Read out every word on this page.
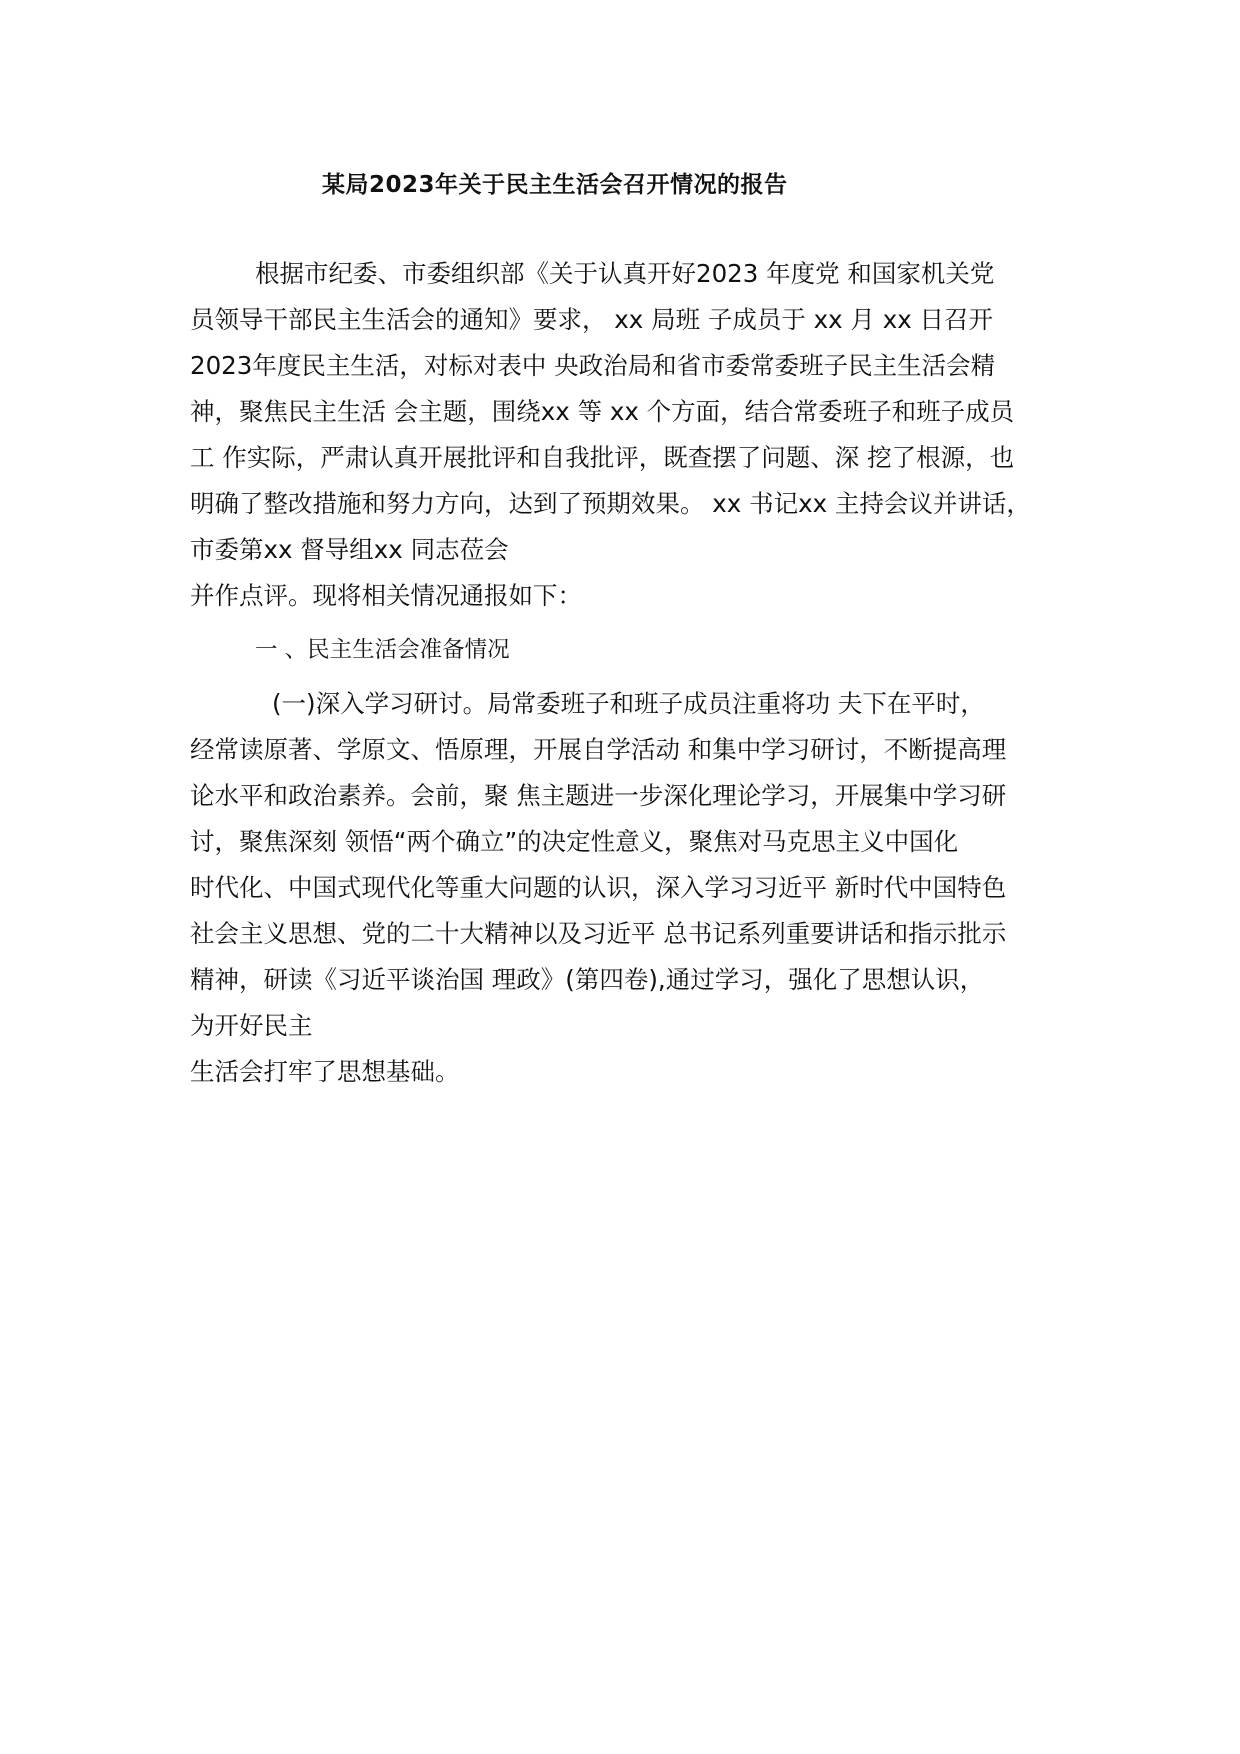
某局2023年关于民主生活会召开情况的报告
根据市纪委、市委组织部《关于认真开好2023 年度党 和国家机关党
员领导干部民主生活会的通知》要求， xx 局班 子成员于 xx 月 xx 日召开
2023年度民主生活，对标对表中 央政治局和省市委常委班子民主生活会精
神，聚焦民主生活 会主题，围绕xx 等 xx 个方面，结合常委班子和班子成员
工 作实际，严肃认真开展批评和自我批评，既查摆了问题、深 挖了根源，也
明确了整改措施和努力方向，达到了预期效果。 xx 书记xx 主持会议并讲话，
市委第xx 督导组xx 同志莅会
并作点评。现将相关情况通报如下：
一 、民主生活会准备情况
(一)深入学习研讨。局常委班子和班子成员注重将功 夫下在平时，
经常读原著、学原文、悟原理，开展自学活动 和集中学习研讨，不断提高理
论水平和政治素养。会前，聚 焦主题进一步深化理论学习，开展集中学习研
讨，聚焦深刻 领悟“两个确立”的决定性意义，聚焦对马克思主义中国化
时代化、中国式现代化等重大问题的认识，深入学习习近平 新时代中国特色
社会主义思想、党的二十大精神以及习近平 总书记系列重要讲话和指示批示
精神，研读《习近平谈治国 理政》(第四卷),通过学习，强化了思想认识，
为开好民主
生活会打牢了思想基础。
